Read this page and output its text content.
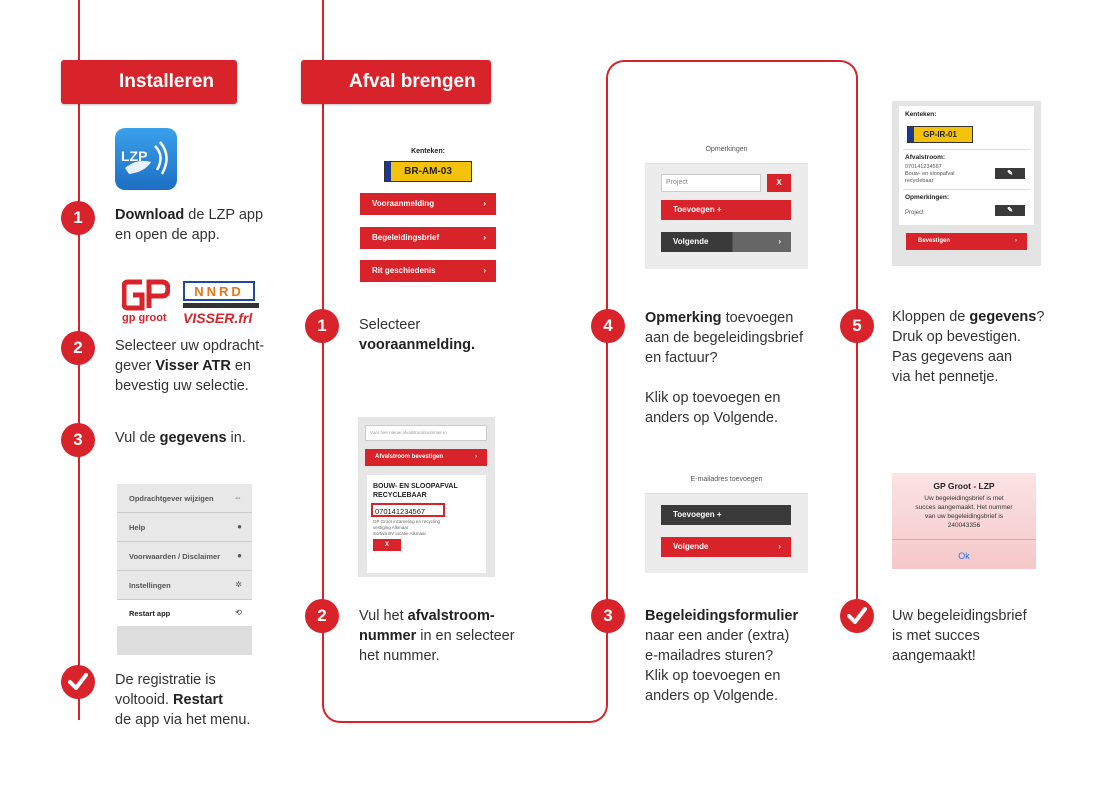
Installeren
LZP
1	Download de LZP app
en open de app.
gp groot
NNRD
VISSER.frl
2	Selecteer uw opdracht-
gever Visser ATR en
bevestig uw selectie.
3	Vul de gegevens in.
Opdrachtgever wijzigen	⇔
Help	●
Voorwaarden / Disclaimer ●
Instellingen	✲
Restart app	⟲
De registratie is
voltooid. Restart
de app via het menu.
Afval brengen
Kenteken:
BR-AM-03
Vooraanmelding	›
Begeleidingsbrief	›
Rit geschiedenis	›
1	Selecteer
vooraanmelding.
Voer hier nieuw afvalstroomnummer in
Afvalstroom bevestigen	›
BOUW- EN SLOOPAFVAL
RECYCLEBAAR
070141234567
GP Groot inzameling en recycling
vestiging Alkmaar
Sortiva BV locatie Alkmaar
X
2	Vul het afvalstroom-
nummer in en selecteer
het nummer.
Opmerkingen
Project	X
Toevoegen +
Volgende	›
4	Opmerking toevoegen
aan de begeleidingsbrief
en factuur?

Klik op toevoegen en
anders op Volgende.
E-mailadres toevoegen
Toevoegen +
Volgende	›
3	Begeleidingsformulier
naar een ander (extra)
e-mailadres sturen?
Klik op toevoegen en
anders op Volgende.
Kenteken:
GP-IR-01
Afvalstroom:
070141234567
Bouw- en sloopafval
recyclebaar
✎
Opmerkingen:
Project	✎
Bevestigen	›
5	Kloppen de gegevens?
Druk op bevestigen.
Pas gegevens aan
via het pennetje.
GP Groot - LZP
Uw begeleidingsbrief is met
succes aangemaakt. Het nummer
van uw begeleidingsbrief is
240043356
Ok
Uw begeleidingsbrief
is met succes
aangemaakt!
